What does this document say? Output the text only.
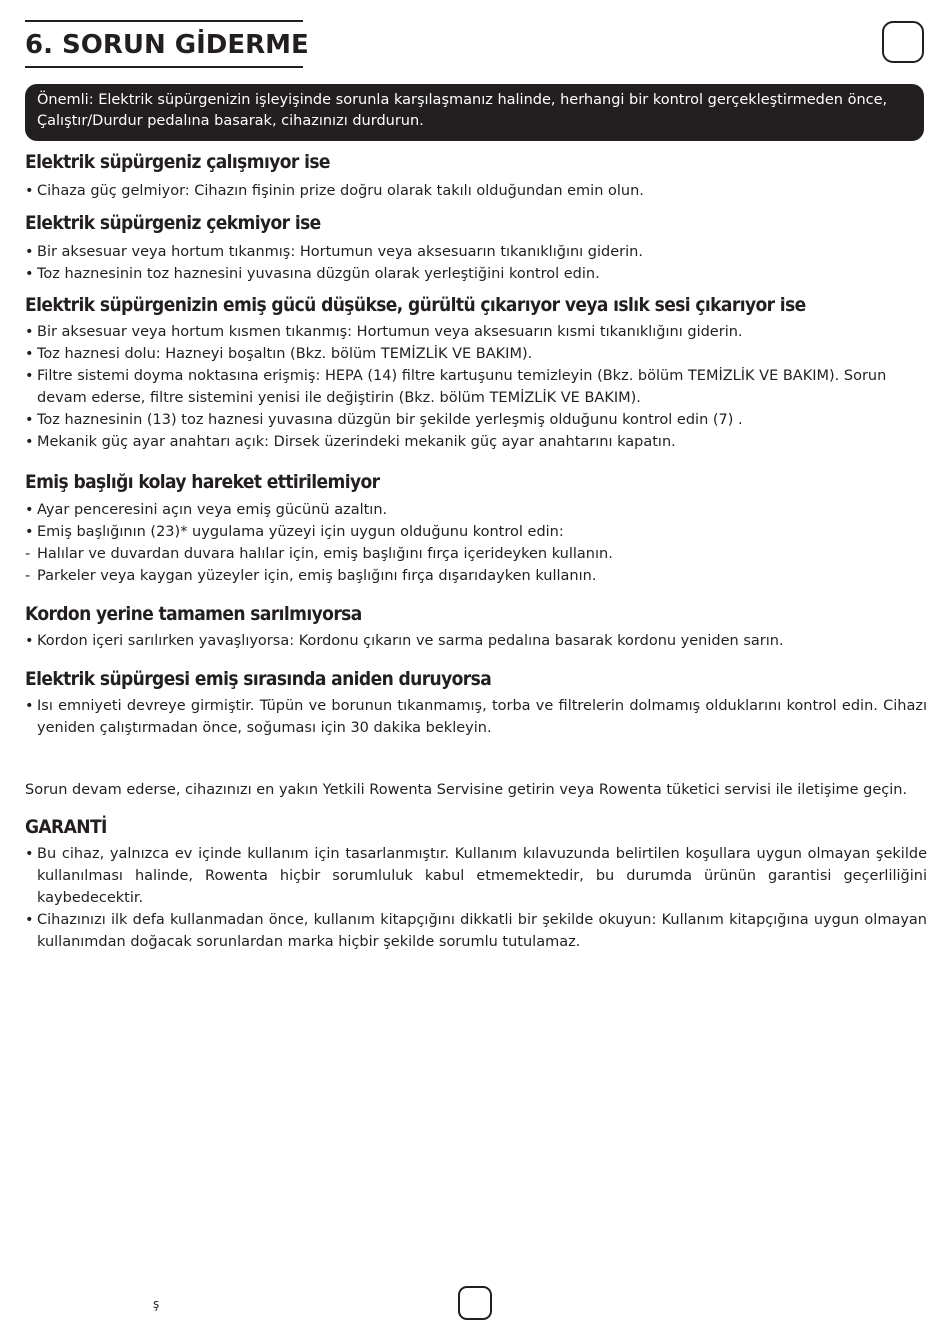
6. SORUN GİDERME
Önemli: Elektrik süpürgenizin işleyişinde sorunla karşılaşmanız halinde, herhangi bir kontrol gerçekleştirmeden önce, Çalıştır/Durdur pedalına basarak, cihazınızı durdurun.
Elektrik süpürgeniz çalışmıyor ise
• Cihaza güç gelmiyor: Cihazın fişinin prize doğru olarak takılı olduğundan emin olun.
Elektrik süpürgeniz çekmiyor ise
• Bir aksesuar veya hortum tıkanmış: Hortumun veya aksesuarın tıkanıklığını giderin.
• Toz haznesinin toz haznesini yuvasına düzgün olarak yerleştiğini kontrol edin.
Elektrik süpürgenizin emiş gücü düşükse, gürültü çıkarıyor veya ıslık sesi çıkarıyor ise
• Bir aksesuar veya hortum kısmen tıkanmış: Hortumun veya aksesuarın kısmi tıkanıklığını giderin.
• Toz haznesi dolu: Hazneyi boşaltın (Bkz. bölüm TEMİZLİK VE BAKIM).
• Filtre sistemi doyma noktasına erişmiş: HEPA (14) filtre kartuşunu temizleyin (Bkz. bölüm TEMİZLİK VE BAKIM). Sorun devam ederse, filtre sistemini yenisi ile değiştirin (Bkz. bölüm TEMİZLİK VE BAKIM).
• Toz haznesinin (13) toz haznesi yuvasına düzgün bir şekilde yerleşmiş olduğunu kontrol edin (7) .
• Mekanik güç ayar anahtarı açık: Dirsek üzerindeki mekanik güç ayar anahtarını kapatın.
Emiş başlığı kolay hareket ettirilemiyor
• Ayar penceresini açın veya emiş gücünü azaltın.
• Emiş başlığının (23)* uygulama yüzeyi için uygun olduğunu kontrol edin:
- Halılar ve duvardan duvara halılar için, emiş başlığını fırça içerideyken kullanın.
- Parkeler veya kaygan yüzeyler için, emiş başlığını fırça dışarıdayken kullanın.
Kordon yerine tamamen sarılmıyorsa
• Kordon içeri sarılırken yavaşlıyorsa: Kordonu çıkarın ve sarma pedalına basarak kordonu yeniden sarın.
Elektrik süpürgesi emiş sırasında aniden duruyorsa
• Isı emniyeti devreye girmiştir. Tüpün ve borunun tıkanmamış, torba ve filtrelerin dolmamış olduklarını kontrol edin. Cihazı yeniden çalıştırmadan önce, soğuması için 30 dakika bekleyin.

Sorun devam ederse, cihazınızı en yakın Yetkili Rowenta Servisine getirin veya Rowenta tüketici servisi ile iletişime geçin.

GARANTİ
• Bu cihaz, yalnızca ev içinde kullanım için tasarlanmıştır. Kullanım kılavuzunda belirtilen koşullara uygun olmayan şekilde kullanılması halinde, Rowenta hiçbir sorumluluk kabul etmemektedir, bu durumda ürünün garantisi geçerliliğini kaybedecektir.
• Cihazınızı ilk defa kullanmadan önce, kullanım kitapçığını dikkatli bir şekilde okuyun: Kullanım kitapçığına uygun olmayan kullanımdan doğacak sorunlardan marka hiçbir şekilde sorumlu tutulamaz.
ş
